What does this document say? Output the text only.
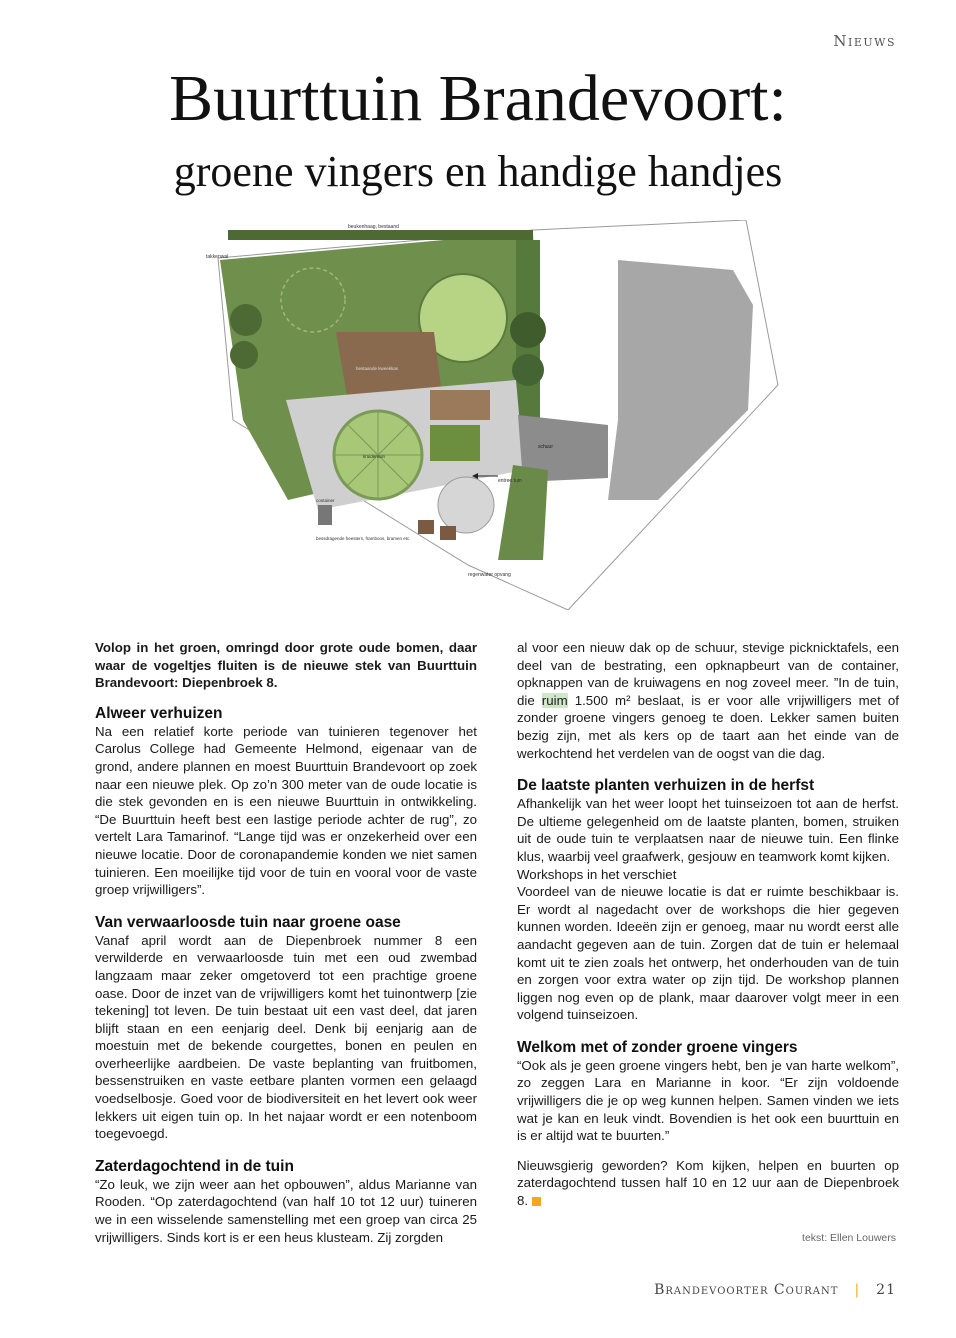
Nieuws
Buurttuin Brandevoort:
groene vingers en handige handjes
beukenhaag, bestaand
takkenwal
bestaande kweekkas
kruidentuin
entree tuin
regenwater opvang
bessdragende heesters, framboos, bramen etc.
schuur
container

Volop in het groen, omringd door grote oude bomen, daar waar de vogeltjes fluiten is de nieuwe stek van Buurttuin Brandevoort: Diepenbroek 8.

Alweer verhuizen

Na een relatief korte periode van tuinieren tegenover het Carolus College had Gemeente Helmond, eigenaar van de grond, andere plannen en moest Buurttuin Brandevoort op zoek naar een nieuwe plek. Op zo’n 300 meter van de oude locatie is die stek gevonden en is een nieuwe Buurttuin in ontwikkeling. “De Buurttuin heeft best een lastige periode achter de rug”, zo vertelt Lara Tamarinof. “Lange tijd was er onzekerheid over een nieuwe locatie. Door de coronapandemie konden we niet samen tuinieren. Een moeilijke tijd voor de tuin en vooral voor de vaste groep vrijwilligers”.

Van verwaarloosde tuin naar groene oase

Vanaf april wordt aan de Diepenbroek nummer 8 een verwilderde en verwaarloosde tuin met een oud zwembad langzaam maar zeker omgetoverd tot een prachtige groene oase. Door de inzet van de vrijwilligers komt het tuinontwerp [zie tekening] tot leven. De tuin bestaat uit een vast deel, dat jaren blijft staan en een eenjarig deel. Denk bij eenjarig aan de moestuin met de bekende courgettes, bonen en peulen en overheerlijke aardbeien. De vaste beplanting van fruitbomen, bessenstruiken en vaste eetbare planten vormen een gelaagd voedselbosje. Goed voor de biodiversiteit en het levert ook weer lekkers uit eigen tuin op. In het najaar wordt er een notenboom toegevoegd.

Zaterdagochtend in de tuin

“Zo leuk, we zijn weer aan het opbouwen”, aldus Marianne van Rooden. “Op zaterdagochtend (van half 10 tot 12 uur) tuineren we in een wisselende samenstelling met een groep van circa 25 vrijwilligers. Sinds kort is er een heus klusteam. Zij zorgden

al voor een nieuw dak op de schuur, stevige picknicktafels, een deel van de bestrating, een opknapbeurt van de container, opknappen van de kruiwagens en nog zoveel meer. ”In de tuin, die ruim 1.500 m² beslaat, is er voor alle vrijwilligers met of zonder groene vingers genoeg te doen. Lekker samen buiten bezig zijn, met als kers op de taart aan het einde van de werkochtend het verdelen van de oogst van die dag.

De laatste planten verhuizen in de herfst

Afhankelijk van het weer loopt het tuinseizoen tot aan de herfst. De ultieme gelegenheid om de laatste planten, bomen, struiken uit de oude tuin te verplaatsen naar de nieuwe tuin. Een flinke klus, waarbij veel graafwerk, gesjouw en teamwork komt kijken.

Workshops in het verschiet

Voordeel van de nieuwe locatie is dat er ruimte beschikbaar is. Er wordt al nagedacht over de workshops die hier gegeven kunnen worden. Ideeën zijn er genoeg, maar nu wordt eerst alle aandacht gegeven aan de tuin. Zorgen dat de tuin er helemaal komt uit te zien zoals het ontwerp, het onderhouden van de tuin en zorgen voor extra water op zijn tijd. De workshop plannen liggen nog even op de plank, maar daarover volgt meer in een volgend tuinseizoen.

Welkom met of zonder groene vingers

“Ook als je geen groene vingers hebt, ben je van harte welkom”, zo zeggen Lara en Marianne in koor. “Er zijn voldoende vrijwilligers die je op weg kunnen helpen. Samen vinden we iets wat je kan en leuk vindt. Bovendien is het ook een buurttuin en is er altijd wat te buurten.”

Nieuwsgierig geworden? Kom kijken, helpen en buurten op zaterdagochtend tussen half 10 en 12 uur aan de Diepenbroek 8.

tekst: Ellen Louwers
Brandevoorter Courant | 21
